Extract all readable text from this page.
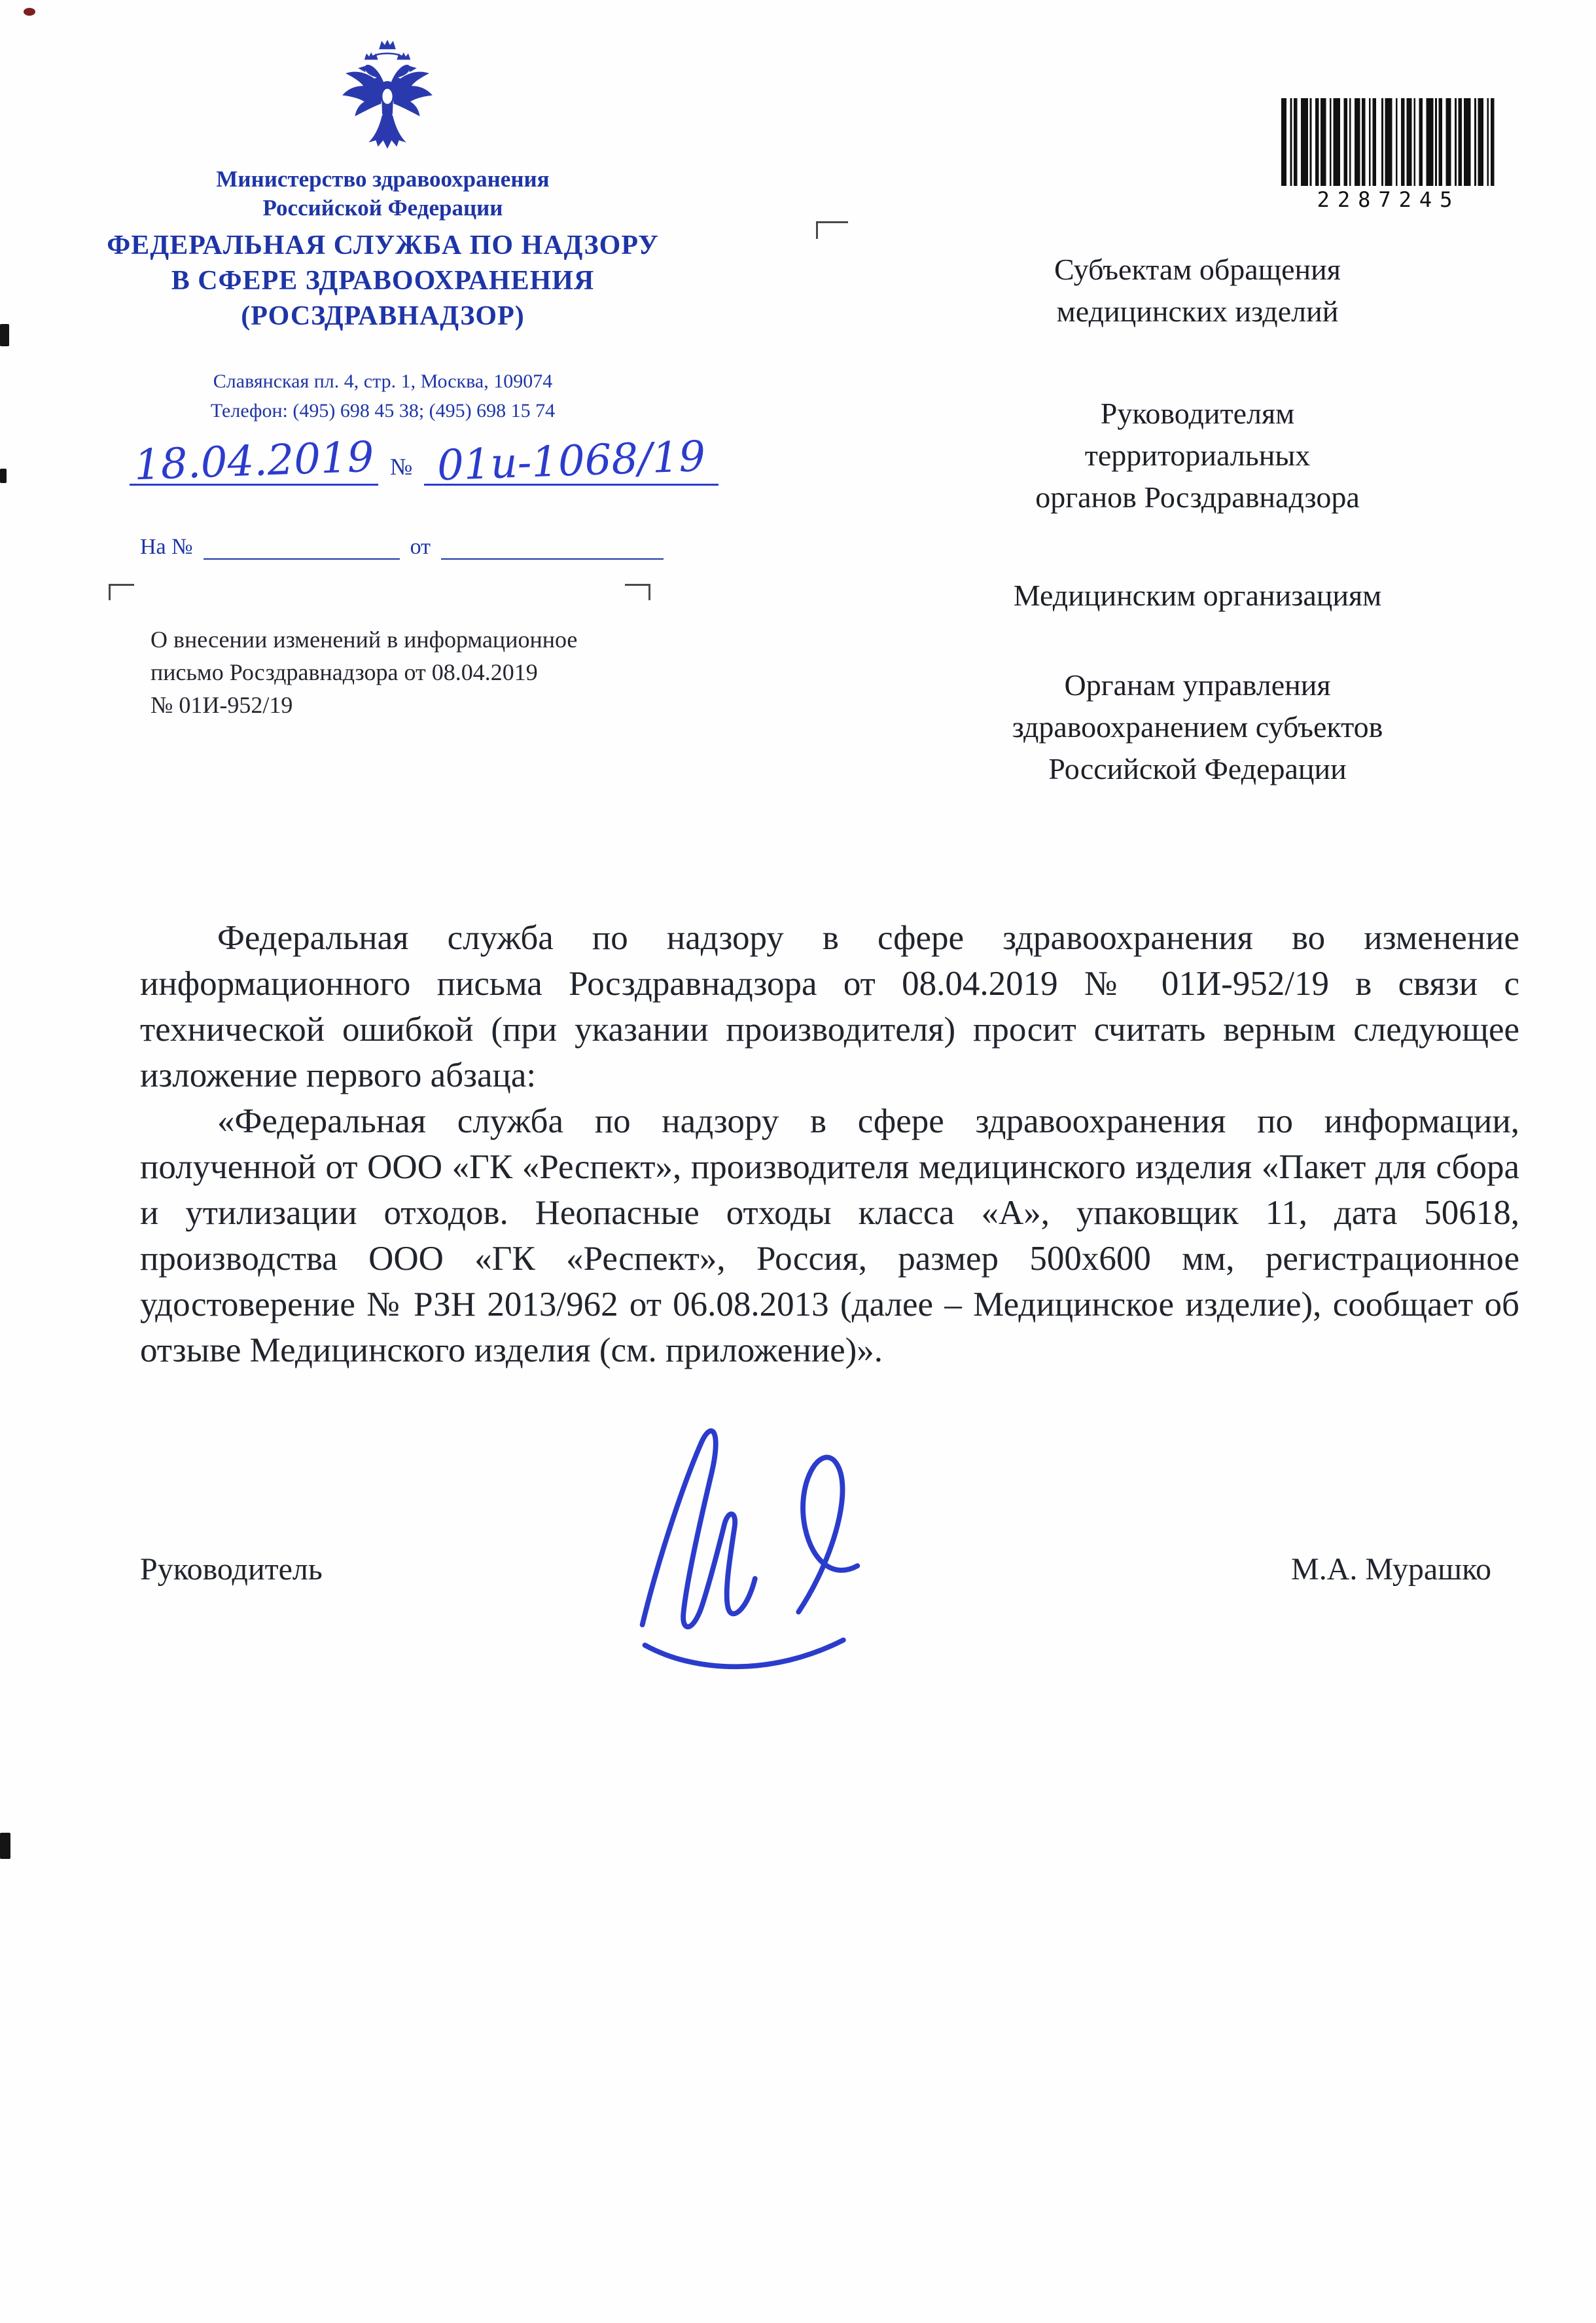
Министерство здравоохранения
Российской Федерации
ФЕДЕРАЛЬНАЯ СЛУЖБА ПО НАДЗОРУ
В СФЕРЕ ЗДРАВООХРАНЕНИЯ
(РОСЗДРАВНАДЗОР)
Славянская пл. 4, стр. 1, Москва, 109074
Телефон: (495) 698 45 38; (495) 698 15 74
18.04.2019 № 01и-1068/19
На №	от
О внесении изменений в информационное
письмо Росздравнадзора от 08.04.2019
№ 01И-952/19
2287245
Субъектам обращения
медицинских изделий
Руководителям
территориальных
органов Росздравнадзора
Медицинским организациям
Органам управления
здравоохранением субъектов
Российской Федерации

Федеральная служба по надзору в сфере здравоохранения во изменение информационного письма Росздравнадзора от 08.04.2019 № 01И-952/19 в связи с технической ошибкой (при указании производителя) просит считать верным следующее изложение первого абзаца:

«Федеральная служба по надзору в сфере здравоохранения по информации, полученной от ООО «ГК «Респект», производителя медицинского изделия «Пакет для сбора и утилизации отходов. Неопасные отходы класса «А», упаковщик 11, дата 50618, производства ООО «ГК «Респект», Россия, размер 500х600 мм, регистрационное удостоверение № РЗН 2013/962 от 06.08.2013 (далее – Медицинское изделие), сообщает об отзыве Медицинского изделия (см. приложение)».

Руководитель	М.А. Мурашко
